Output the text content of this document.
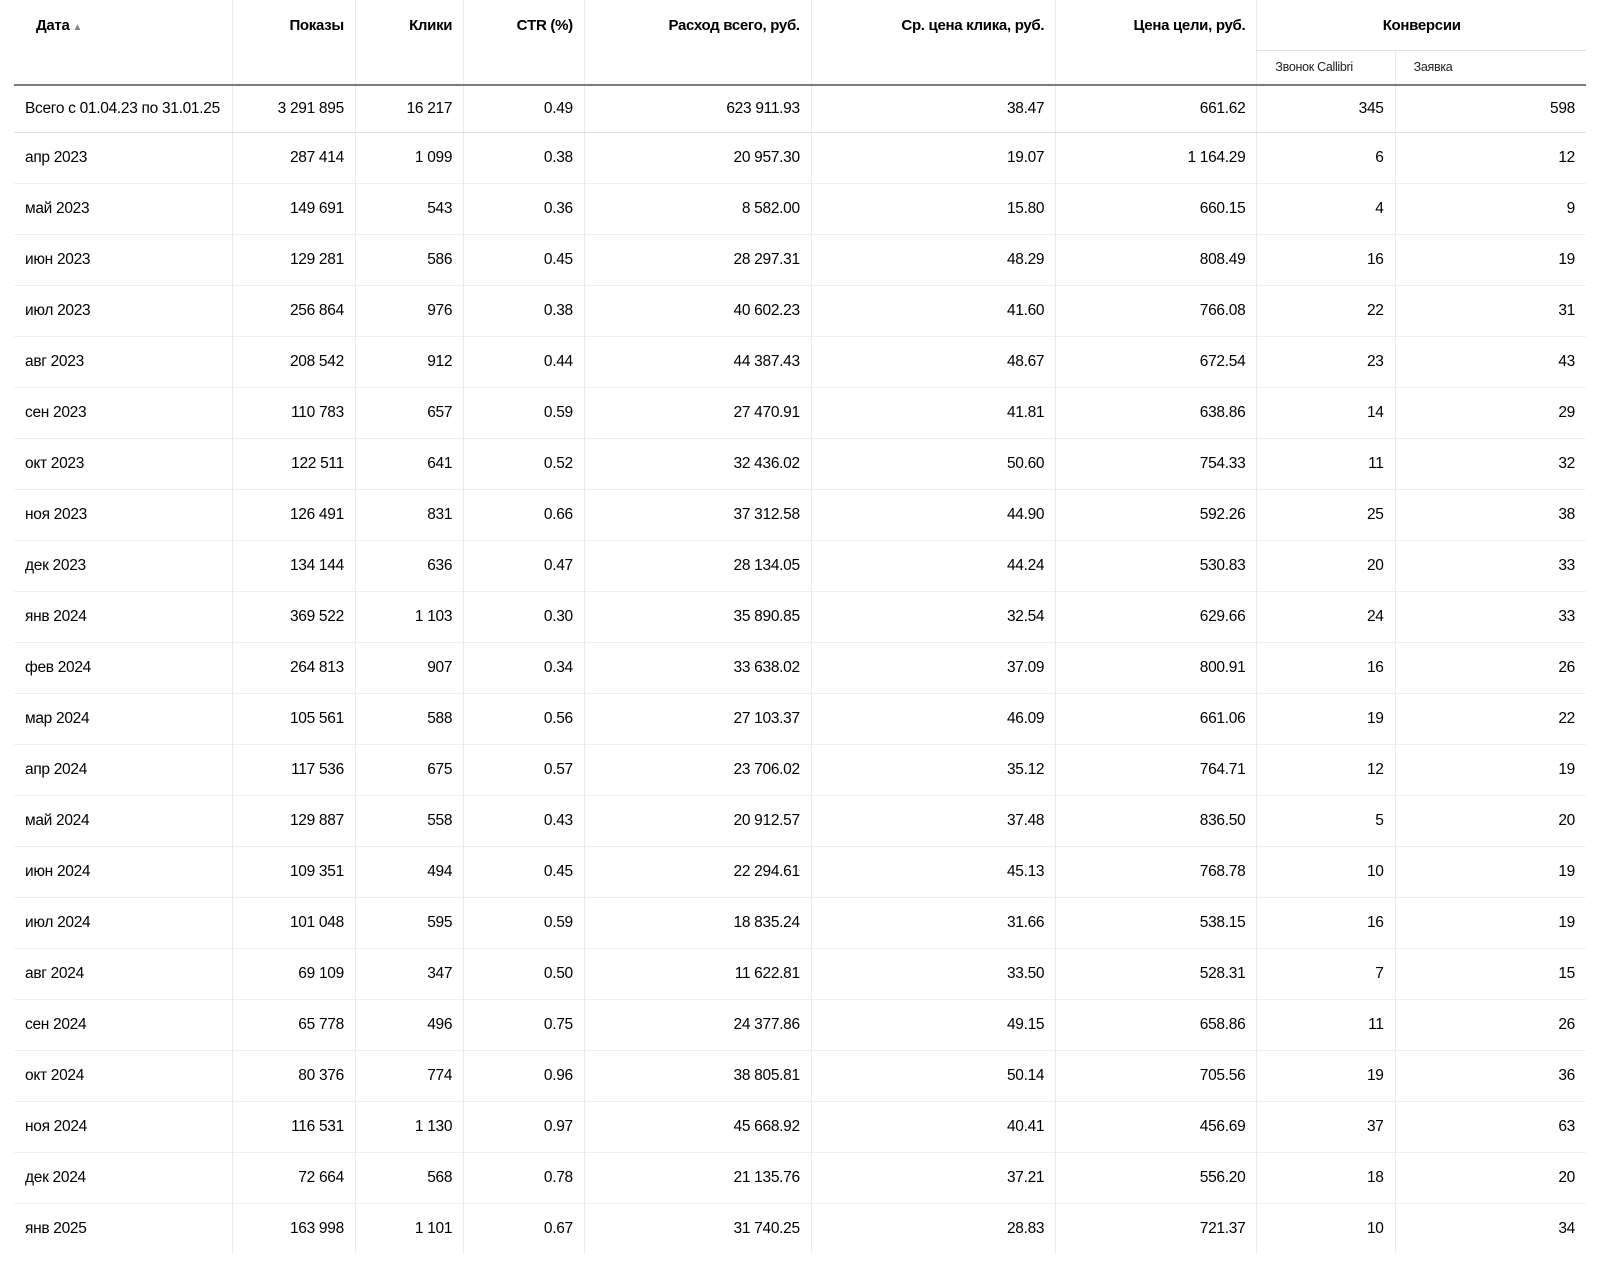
Всего с 01.04.23 по 31.01.25	3 291 895	16 217	0.49	623 911.93	38.47	661.62	345	598
Дата ▲	Показы	Клики	CTR (%)	Расход всего, руб.	Ср. цена клика, руб.	Цена цели, руб.	Конверсии	
							Звонок Callibri	Заявка
апр 2023	287 414	1 099	0.38	20 957.30	19.07	1 164.29	6	12
май 2023	149 691	543	0.36	8 582.00	15.80	660.15	4	9
июн 2023	129 281	586	0.45	28 297.31	48.29	808.49	16	19
июл 2023	256 864	976	0.38	40 602.23	41.60	766.08	22	31
авг 2023	208 542	912	0.44	44 387.43	48.67	672.54	23	43
сен 2023	110 783	657	0.59	27 470.91	41.81	638.86	14	29
окт 2023	122 511	641	0.52	32 436.02	50.60	754.33	11	32
ноя 2023	126 491	831	0.66	37 312.58	44.90	592.26	25	38
дек 2023	134 144	636	0.47	28 134.05	44.24	530.83	20	33
янв 2024	369 522	1 103	0.30	35 890.85	32.54	629.66	24	33
фев 2024	264 813	907	0.34	33 638.02	37.09	800.91	16	26
мар 2024	105 561	588	0.56	27 103.37	46.09	661.06	19	22
апр 2024	117 536	675	0.57	23 706.02	35.12	764.71	12	19
май 2024	129 887	558	0.43	20 912.57	37.48	836.50	5	20
июн 2024	109 351	494	0.45	22 294.61	45.13	768.78	10	19
июл 2024	101 048	595	0.59	18 835.24	31.66	538.15	16	19
авг 2024	69 109	347	0.50	11 622.81	33.50	528.31	7	15
сен 2024	65 778	496	0.75	24 377.86	49.15	658.86	11	26
окт 2024	80 376	774	0.96	38 805.81	50.14	705.56	19	36
ноя 2024	116 531	1 130	0.97	45 668.92	40.41	456.69	37	63
дек 2024	72 664	568	0.78	21 135.76	37.21	556.20	18	20
янв 2025	163 998	1 101	0.67	31 740.25	28.83	721.37	10	34
